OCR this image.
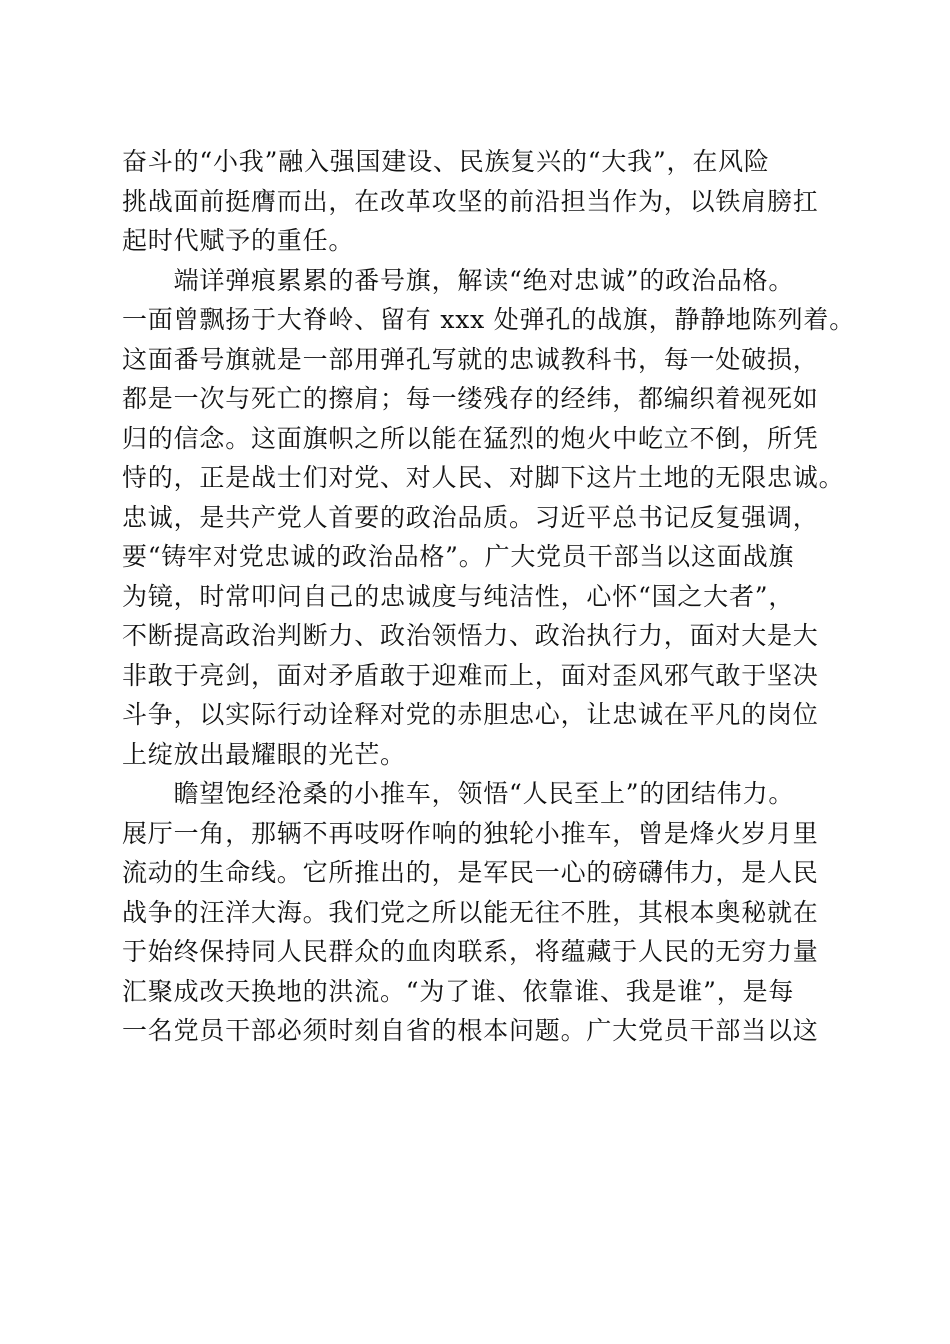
奋斗的“小我”融入强国建设、民族复兴的“大我”，在风险
挑战面前挺膺而出，在改革攻坚的前沿担当作为，以铁肩膀扛
起时代赋予的重任。
　　端详弹痕累累的番号旗，解读“绝对忠诚”的政治品格。
一面曾飘扬于大脊岭、留有 xxx 处弹孔的战旗，静静地陈列着。
这面番号旗就是一部用弹孔写就的忠诚教科书，每一处破损，
都是一次与死亡的擦肩；每一缕残存的经纬，都编织着视死如
归的信念。这面旗帜之所以能在猛烈的炮火中屹立不倒，所凭
恃的，正是战士们对党、对人民、对脚下这片土地的无限忠诚。
忠诚，是共产党人首要的政治品质。习近平总书记反复强调，
要“铸牢对党忠诚的政治品格”。广大党员干部当以这面战旗
为镜，时常叩问自己的忠诚度与纯洁性，心怀“国之大者”，
不断提高政治判断力、政治领悟力、政治执行力，面对大是大
非敢于亮剑，面对矛盾敢于迎难而上，面对歪风邪气敢于坚决
斗争，以实际行动诠释对党的赤胆忠心，让忠诚在平凡的岗位
上绽放出最耀眼的光芒。
　　瞻望饱经沧桑的小推车，领悟“人民至上”的团结伟力。
展厅一角，那辆不再吱呀作响的独轮小推车，曾是烽火岁月里
流动的生命线。它所推出的，是军民一心的磅礴伟力，是人民
战争的汪洋大海。我们党之所以能无往不胜，其根本奥秘就在
于始终保持同人民群众的血肉联系，将蕴藏于人民的无穷力量
汇聚成改天换地的洪流。“为了谁、依靠谁、我是谁”，是每
一名党员干部必须时刻自省的根本问题。广大党员干部当以这
